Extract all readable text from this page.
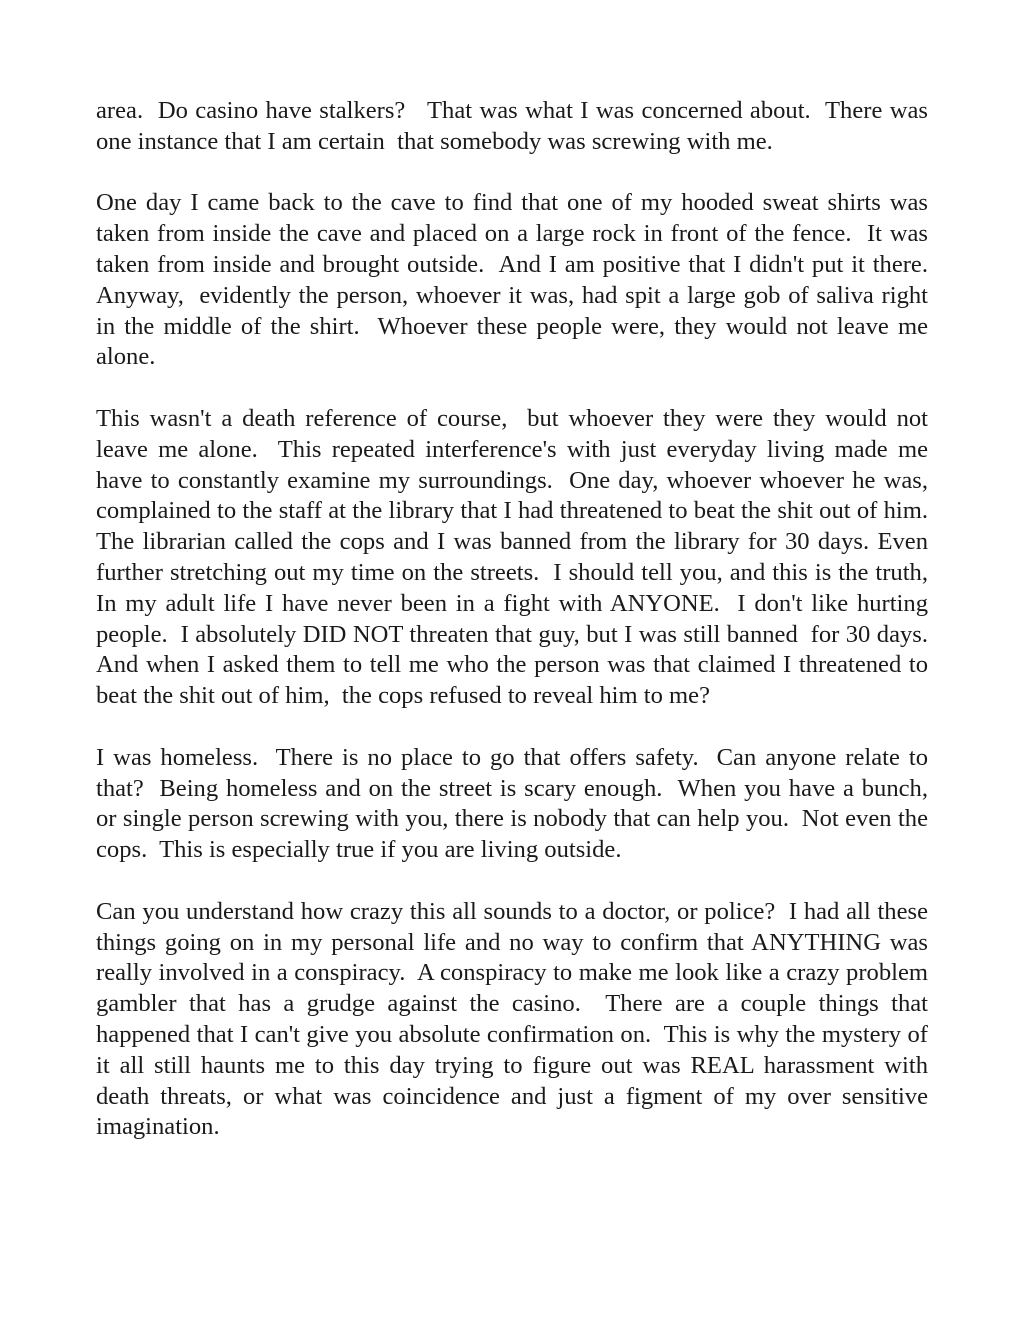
area.  Do casino have stalkers?   That was what I was concerned about.  There was one instance that I am certain  that somebody was screwing with me.

One day I came back to the cave to find that one of my hooded sweat shirts was taken from inside the cave and placed on a large rock in front of the fence.  It was taken from inside and brought outside.  And I am positive that I didn't put it there.  Anyway,  evidently the person, whoever it was, had spit a large gob of saliva right in the middle of the shirt.  Whoever these people were, they would not leave me alone.

This wasn't a death reference of course,  but whoever they were they would not leave me alone.  This repeated interference's with just everyday living made me have to constantly examine my surroundings.  One day, whoever whoever he was,  complained to the staff at the library that I had threatened to beat the shit out of him.  The librarian called the cops and I was banned from the library for 30 days. Even further stretching out my time on the streets.  I should tell you, and this is the truth,  In my adult life I have never been in a fight with ANYONE.  I don't like hurting people.  I absolutely DID NOT threaten that guy, but I was still banned  for 30 days.  And when I asked them to tell me who the person was that claimed I threatened to beat the shit out of him,  the cops refused to reveal him to me?

I was homeless.  There is no place to go that offers safety.  Can anyone relate to that?  Being homeless and on the street is scary enough.  When you have a bunch, or single person screwing with you, there is nobody that can help you.  Not even the cops.  This is especially true if you are living outside.

Can you understand how crazy this all sounds to a doctor, or police?  I had all these things going on in my personal life and no way to confirm that ANYTHING was really involved in a conspiracy.  A conspiracy to make me look like a crazy problem gambler that has a grudge against the casino.  There are a couple things that happened that I can't give you absolute confirmation on.  This is why the mystery of it all still haunts me to this day trying to figure out was REAL harassment with death threats, or what was coincidence and just a figment of my over sensitive imagination.
